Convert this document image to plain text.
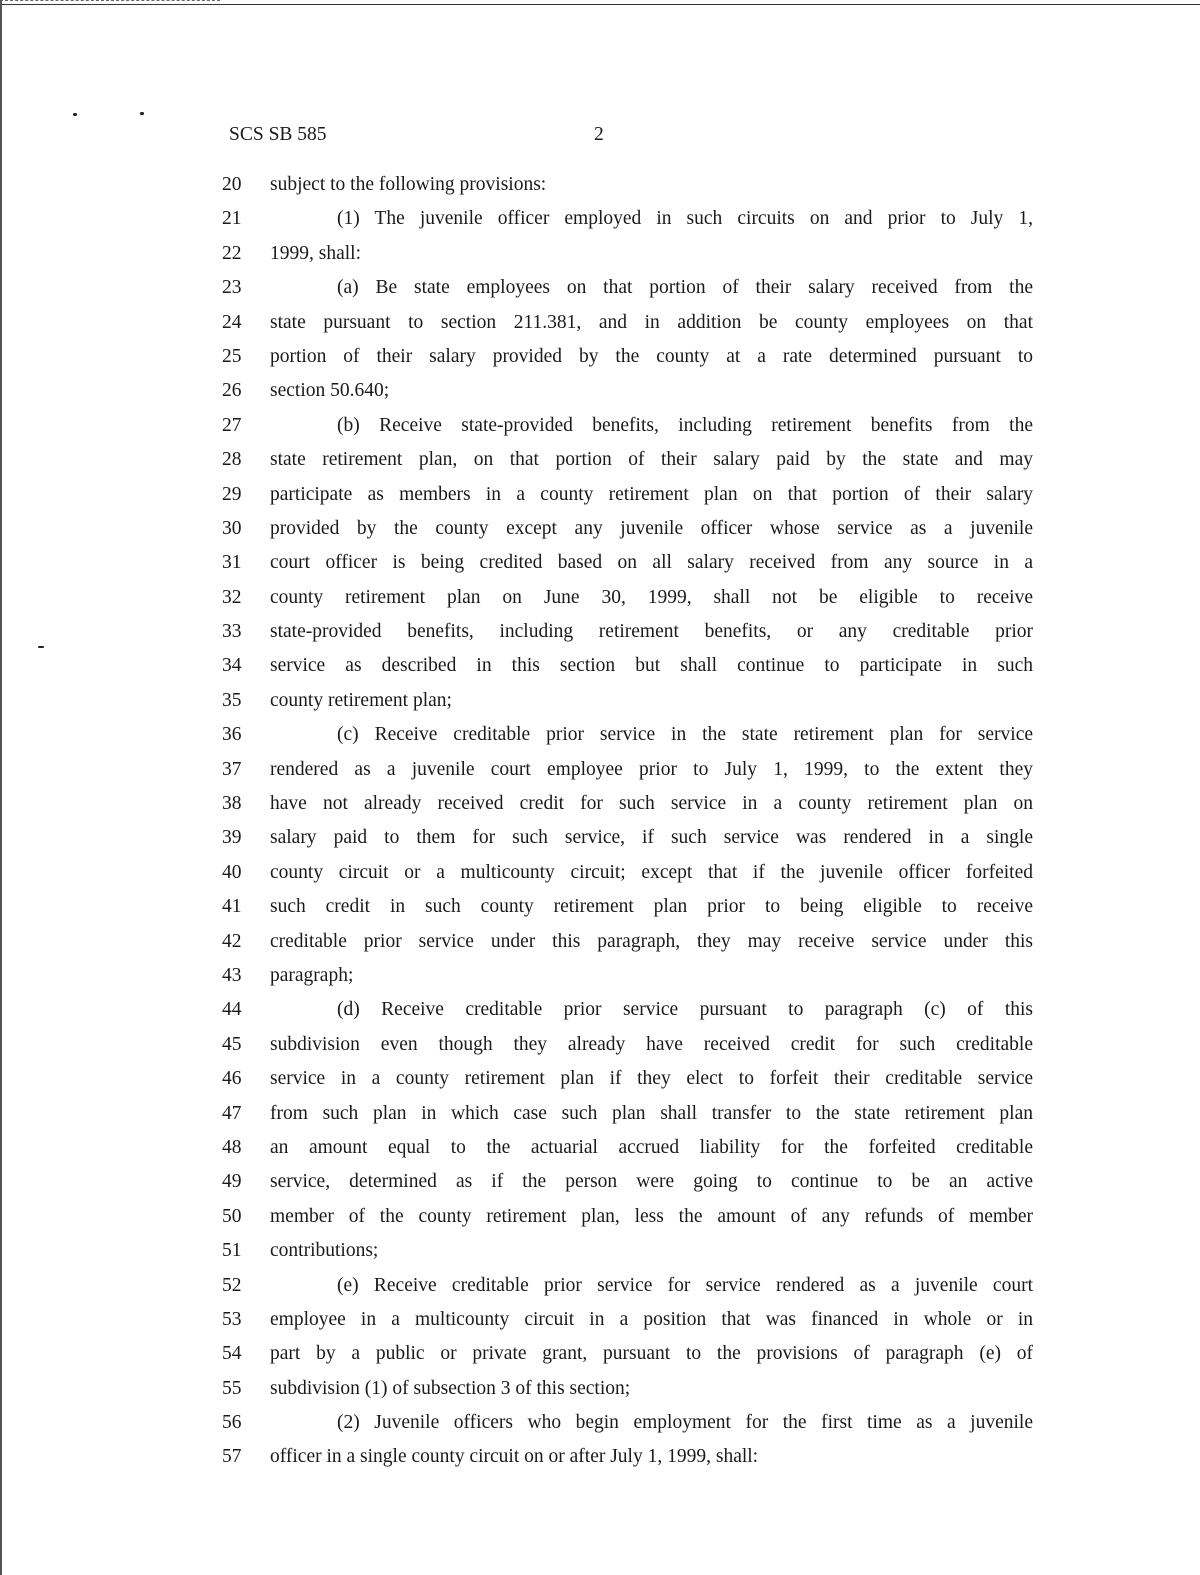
SCS SB 585	2
20	subject to the following provisions:
21	(1) The juvenile officer employed in such circuits on and prior to July 1,
22	1999, shall:
23	(a) Be state employees on that portion of their salary received from the
24	state pursuant to section 211.381, and in addition be county employees on that
25	portion of their salary provided by the county at a rate determined pursuant to
26	section 50.640;
27	(b) Receive state-provided benefits, including retirement benefits from the
28	state retirement plan, on that portion of their salary paid by the state and may
29	participate as members in a county retirement plan on that portion of their salary
30	provided by the county except any juvenile officer whose service as a juvenile
31	court officer is being credited based on all salary received from any source in a
32	county retirement plan on June 30, 1999, shall not be eligible to receive
33	state-provided benefits, including retirement benefits, or any creditable prior
34	service as described in this section but shall continue to participate in such
35	county retirement plan;
36	(c) Receive creditable prior service in the state retirement plan for service
37	rendered as a juvenile court employee prior to July 1, 1999, to the extent they
38	have not already received credit for such service in a county retirement plan on
39	salary paid to them for such service, if such service was rendered in a single
40	county circuit or a multicounty circuit; except that if the juvenile officer forfeited
41	such credit in such county retirement plan prior to being eligible to receive
42	creditable prior service under this paragraph, they may receive service under this
43	paragraph;
44	(d) Receive creditable prior service pursuant to paragraph (c) of this
45	subdivision even though they already have received credit for such creditable
46	service in a county retirement plan if they elect to forfeit their creditable service
47	from such plan in which case such plan shall transfer to the state retirement plan
48	an amount equal to the actuarial accrued liability for the forfeited creditable
49	service, determined as if the person were going to continue to be an active
50	member of the county retirement plan, less the amount of any refunds of member
51	contributions;
52	(e) Receive creditable prior service for service rendered as a juvenile court
53	employee in a multicounty circuit in a position that was financed in whole or in
54	part by a public or private grant, pursuant to the provisions of paragraph (e) of
55	subdivision (1) of subsection 3 of this section;
56	(2) Juvenile officers who begin employment for the first time as a juvenile
57	officer in a single county circuit on or after July 1, 1999, shall:
